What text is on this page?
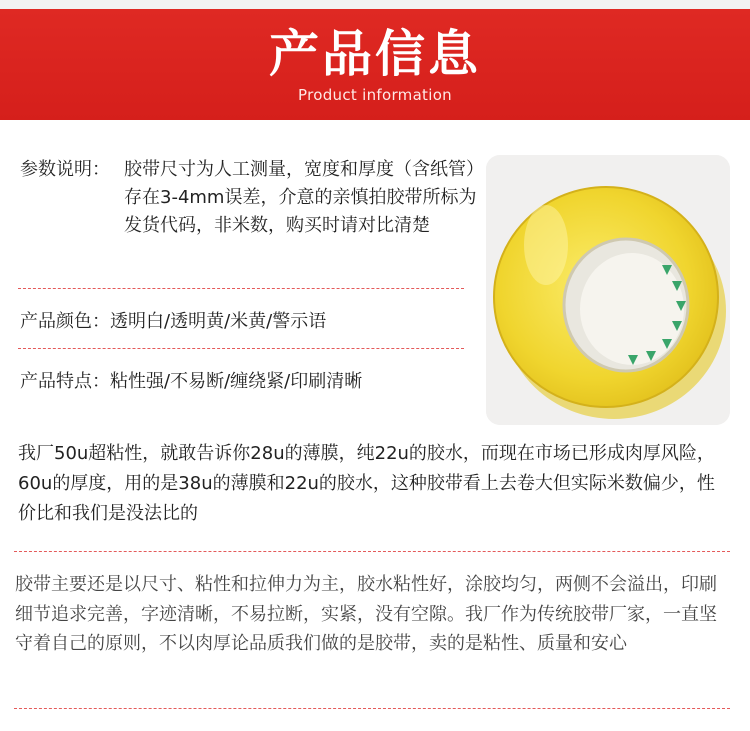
产品信息
Product information
参数说明： 胶带尺寸为人工测量，宽度和厚度（含纸管）存在3-4mm误差，介意的亲慎拍胶带所标为发货代码，非米数，购买时请对比清楚
产品颜色：透明白/透明黄/米黄/警示语
产品特点：粘性强/不易断/缠绕紧/印刷清晰
我厂50u超粘性，就敢告诉你28u的薄膜，纯22u的胶水，而现在市场已形成肉厚风险，60u的厚度，用的是38u的薄膜和22u的胶水，这种胶带看上去卷大但实际米数偏少，性价比和我们是没法比的
胶带主要还是以尺寸、粘性和拉伸力为主，胶水粘性好，涂胶均匀，两侧不会溢出，印刷细节追求完善，字迹清晰，不易拉断，实紧，没有空隙。我厂作为传统胶带厂家，一直坚守着自己的原则，不以肉厚论品质我们做的是胶带，卖的是粘性、质量和安心
